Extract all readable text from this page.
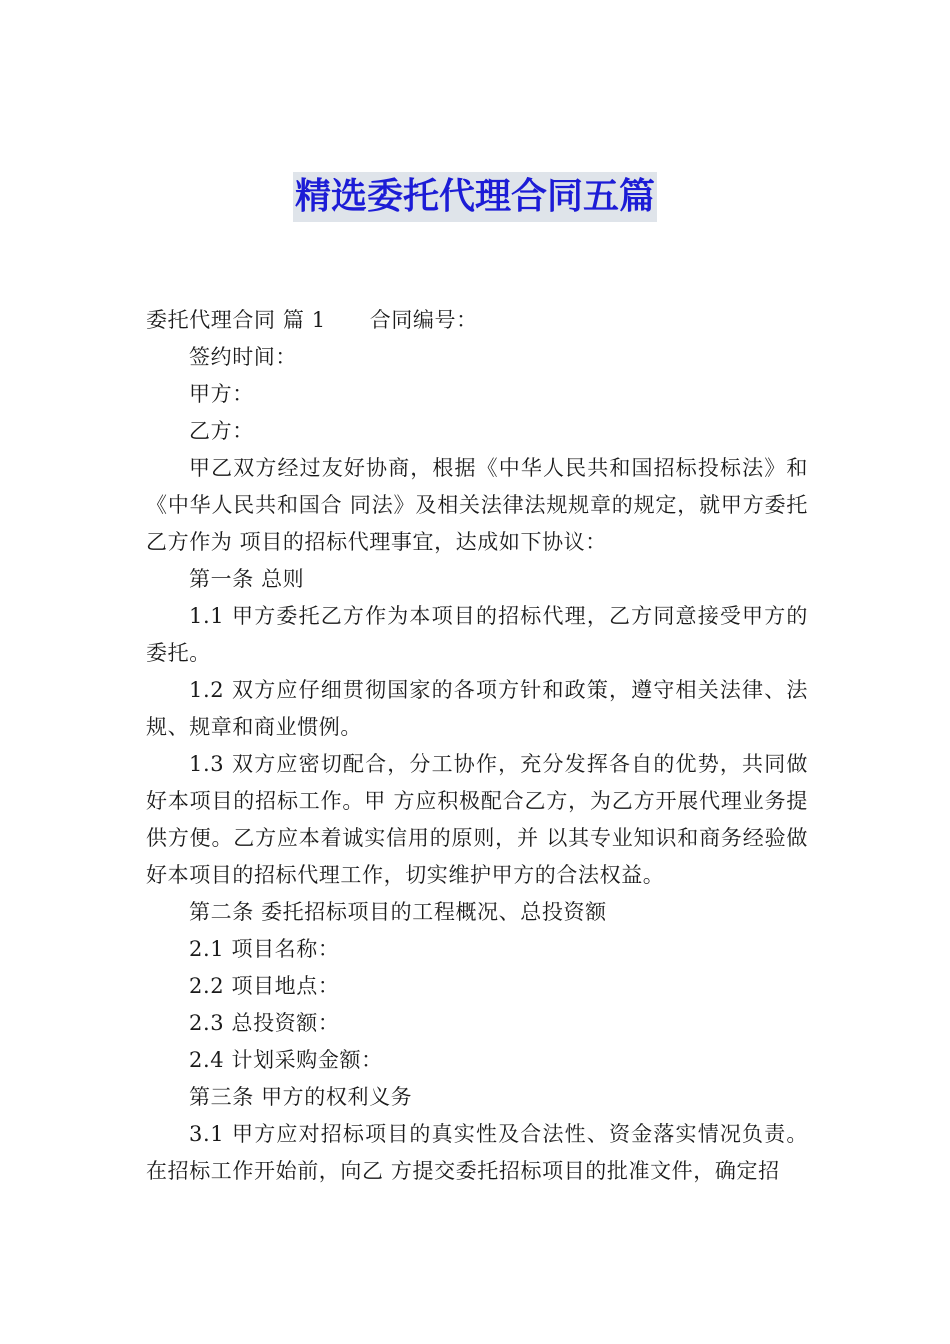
精选委托代理合同五篇

委托代理合同 篇 1 合同编号：

签约时间：

甲方：

乙方：

甲乙双方经过友好协商，根据《中华人民共和国招标投标法》和《中华人民共和国合 同法》及相关法律法规规章的规定，就甲方委托乙方作为 项目的招标代理事宜，达成如下协议：

第一条 总则

1.1 甲方委托乙方作为本项目的招标代理，乙方同意接受甲方的委托。

1.2 双方应仔细贯彻国家的各项方针和政策，遵守相关法律、法规、规章和商业惯例。

1.3 双方应密切配合，分工协作，充分发挥各自的优势，共同做好本项目的招标工作。甲 方应积极配合乙方，为乙方开展代理业务提供方便。乙方应本着诚实信用的原则，并 以其专业知识和商务经验做好本项目的招标代理工作，切实维护甲方的合法权益。

第二条 委托招标项目的工程概况、总投资额

2.1 项目名称：

2.2 项目地点：

2.3 总投资额：

2.4 计划采购金额：

第三条 甲方的权利义务

3.1 甲方应对招标项目的真实性及合法性、资金落实情况负责。在招标工作开始前，向乙 方提交委托招标项目的批准文件，确定招
